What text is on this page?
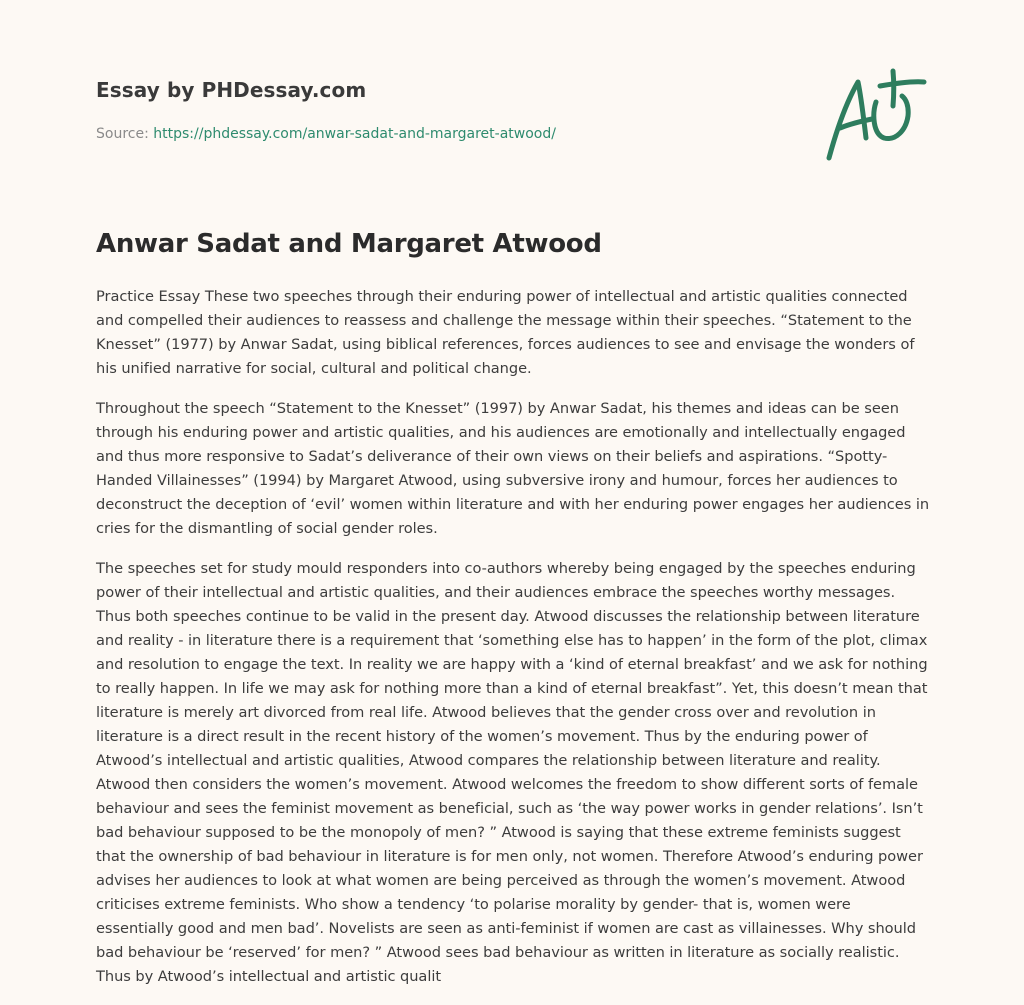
Essay by PHDessay.com
Source: https://phdessay.com/anwar-sadat-and-margaret-atwood/
Anwar Sadat and Margaret Atwood

Practice Essay These two speeches through their enduring power of intellectual and artistic qualities connected and compelled their audiences to reassess and challenge the message within their speeches. “Statement to the Knesset” (1977) by Anwar Sadat, using biblical references, forces audiences to see and envisage the wonders of his unified narrative for social, cultural and political change.

Throughout the speech “Statement to the Knesset” (1997) by Anwar Sadat, his themes and ideas can be seen through his enduring power and artistic qualities, and his audiences are emotionally and intellectually engaged and thus more responsive to Sadat’s deliverance of their own views on their beliefs and aspirations. “Spotty-Handed Villainesses” (1994) by Margaret Atwood, using subversive irony and humour, forces her audiences to deconstruct the deception of ‘evil’ women within literature and with her enduring power engages her audiences in cries for the dismantling of social gender roles.

The speeches set for study mould responders into co-authors whereby being engaged by the speeches enduring power of their intellectual and artistic qualities, and their audiences embrace the speeches worthy messages. Thus both speeches continue to be valid in the present day. Atwood discusses the relationship between literature and reality - in literature there is a requirement that ‘something else has to happen’ in the form of the plot, climax and resolution to engage the text. In reality we are happy with a ‘kind of eternal breakfast’ and we ask for nothing to really happen. In life we may ask for nothing more than a kind of eternal breakfast”. Yet, this doesn’t mean that literature is merely art divorced from real life. Atwood believes that the gender cross over and revolution in literature is a direct result in the recent history of the women’s movement. Thus by the enduring power of Atwood’s intellectual and artistic qualities, Atwood compares the relationship between literature and reality. Atwood then considers the women’s movement. Atwood welcomes the freedom to show different sorts of female behaviour and sees the feminist movement as beneficial, such as ‘the way power works in gender relations’. Isn’t bad behaviour supposed to be the monopoly of men? ” Atwood is saying that these extreme feminists suggest that the ownership of bad behaviour in literature is for men only, not women. Therefore Atwood’s enduring power advises her audiences to look at what women are being perceived as through the women’s movement. Atwood criticises extreme feminists. Who show a tendency ‘to polarise morality by gender- that is, women were essentially good and men bad’. Novelists are seen as anti-feminist if women are cast as villainesses. Why should bad behaviour be ‘reserved’ for men? ” Atwood sees bad behaviour as written in literature as socially realistic. Thus by Atwood’s intellectual and artistic qualit
